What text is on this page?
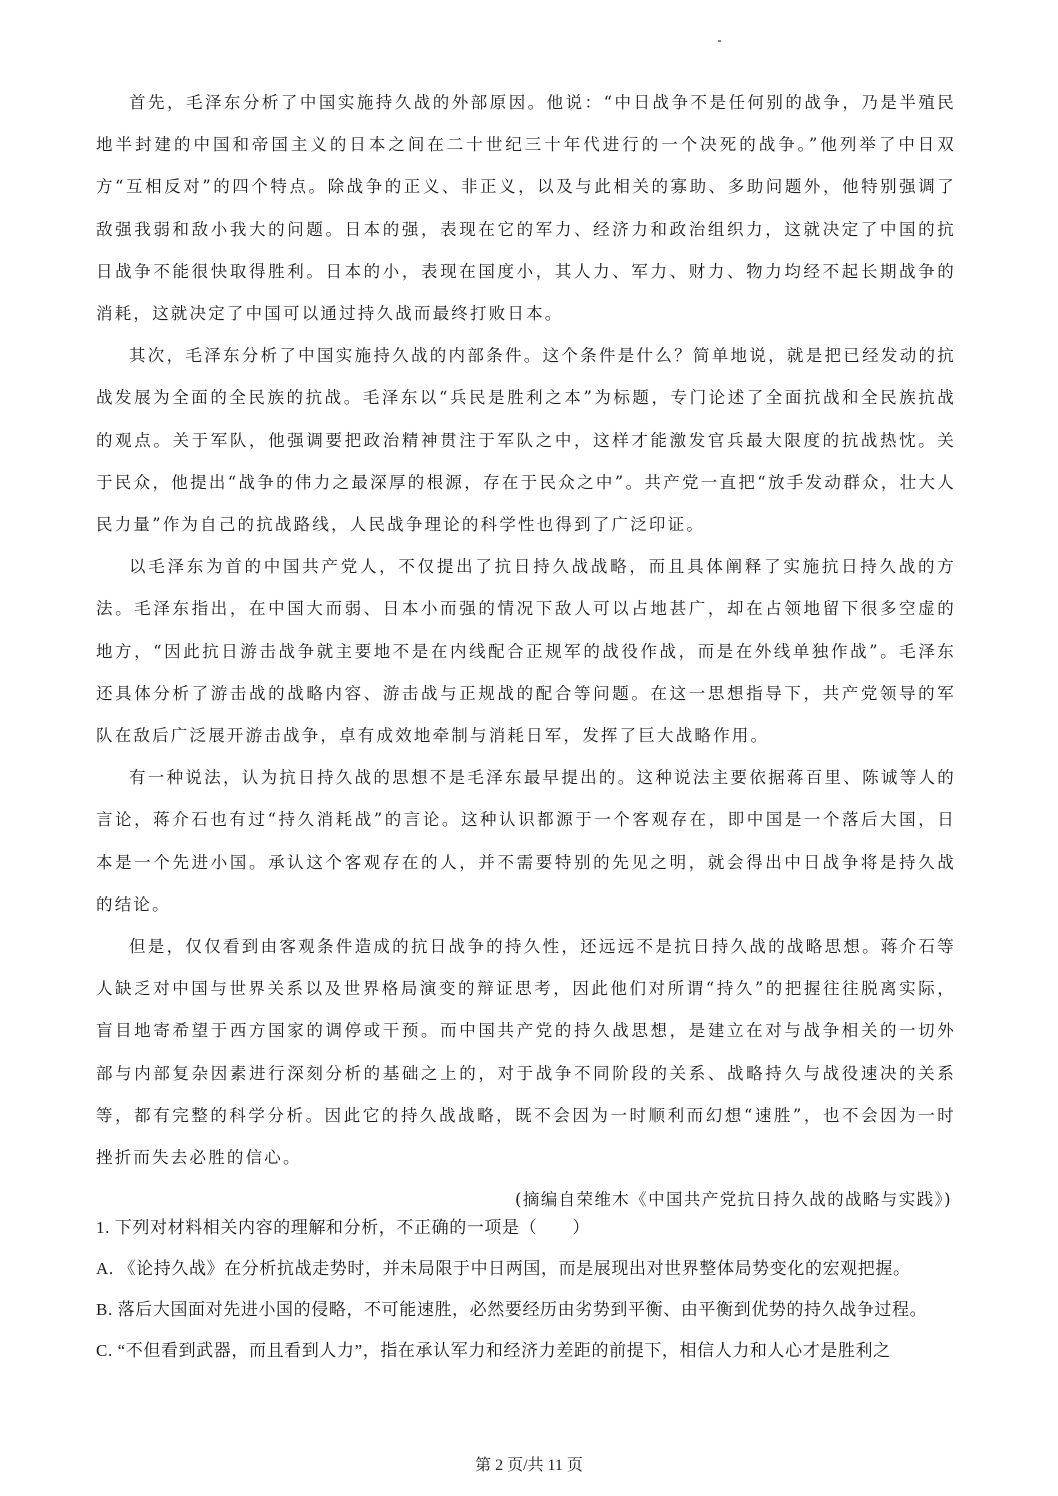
首先，毛泽东分析了中国实施持久战的外部原因。他说：“中日战争不是任何别的战争，乃是半殖民地半封建的中国和帝国主义的日本之间在二十世纪三十年代进行的一个决死的战争。”他列举了中日双方“互相反对”的四个特点。除战争的正义、非正义，以及与此相关的寡助、多助问题外，他特别强调了敌强我弱和敌小我大的问题。日本的强，表现在它的军力、经济力和政治组织力，这就决定了中国的抗日战争不能很快取得胜利。日本的小，表现在国度小，其人力、军力、财力、物力均经不起长期战争的消耗，这就决定了中国可以通过持久战而最终打败日本。

其次，毛泽东分析了中国实施持久战的内部条件。这个条件是什么？简单地说，就是把已经发动的抗战发展为全面的全民族的抗战。毛泽东以“兵民是胜利之本”为标题，专门论述了全面抗战和全民族抗战的观点。关于军队，他强调要把政治精神贯注于军队之中，这样才能激发官兵最大限度的抗战热忱。关于民众，他提出“战争的伟力之最深厚的根源，存在于民众之中”。共产党一直把“放手发动群众，壮大人民力量”作为自己的抗战路线，人民战争理论的科学性也得到了广泛印证。

以毛泽东为首的中国共产党人，不仅提出了抗日持久战战略，而且具体阐释了实施抗日持久战的方法。毛泽东指出，在中国大而弱、日本小而强的情况下敌人可以占地甚广，却在占领地留下很多空虚的地方，“因此抗日游击战争就主要地不是在内线配合正规军的战役作战，而是在外线单独作战”。毛泽东还具体分析了游击战的战略内容、游击战与正规战的配合等问题。在这一思想指导下，共产党领导的军队在敌后广泛展开游击战争，卓有成效地牵制与消耗日军，发挥了巨大战略作用。

有一种说法，认为抗日持久战的思想不是毛泽东最早提出的。这种说法主要依据蒋百里、陈诚等人的言论，蒋介石也有过“持久消耗战”的言论。这种认识都源于一个客观存在，即中国是一个落后大国，日本是一个先进小国。承认这个客观存在的人，并不需要特别的先见之明，就会得出中日战争将是持久战的结论。

但是，仅仅看到由客观条件造成的抗日战争的持久性，还远远不是抗日持久战的战略思想。蒋介石等人缺乏对中国与世界关系以及世界格局演变的辩证思考，因此他们对所谓“持久”的把握往往脱离实际，盲目地寄希望于西方国家的调停或干预。而中国共产党的持久战思想，是建立在对与战争相关的一切外部与内部复杂因素进行深刻分析的基础之上的，对于战争不同阶段的关系、战略持久与战役速决的关系等，都有完整的科学分析。因此它的持久战战略，既不会因为一时顺利而幻想“速胜”，也不会因为一时挫折而失去必胜的信心。

(摘编自荣维木《中国共产党抗日持久战的战略与实践》)

1. 下列对材料相关内容的理解和分析，不正确的一项是（　　）

A. 《论持久战》在分析抗战走势时，并未局限于中日两国，而是展现出对世界整体局势变化的宏观把握。

B. 落后大国面对先进小国的侵略，不可能速胜，必然要经历由劣势到平衡、由平衡到优势的持久战争过程。

C. “不但看到武器，而且看到人力”，指在承认军力和经济力差距的前提下，相信人力和人心才是胜利之

第 2 页/共 11 页
